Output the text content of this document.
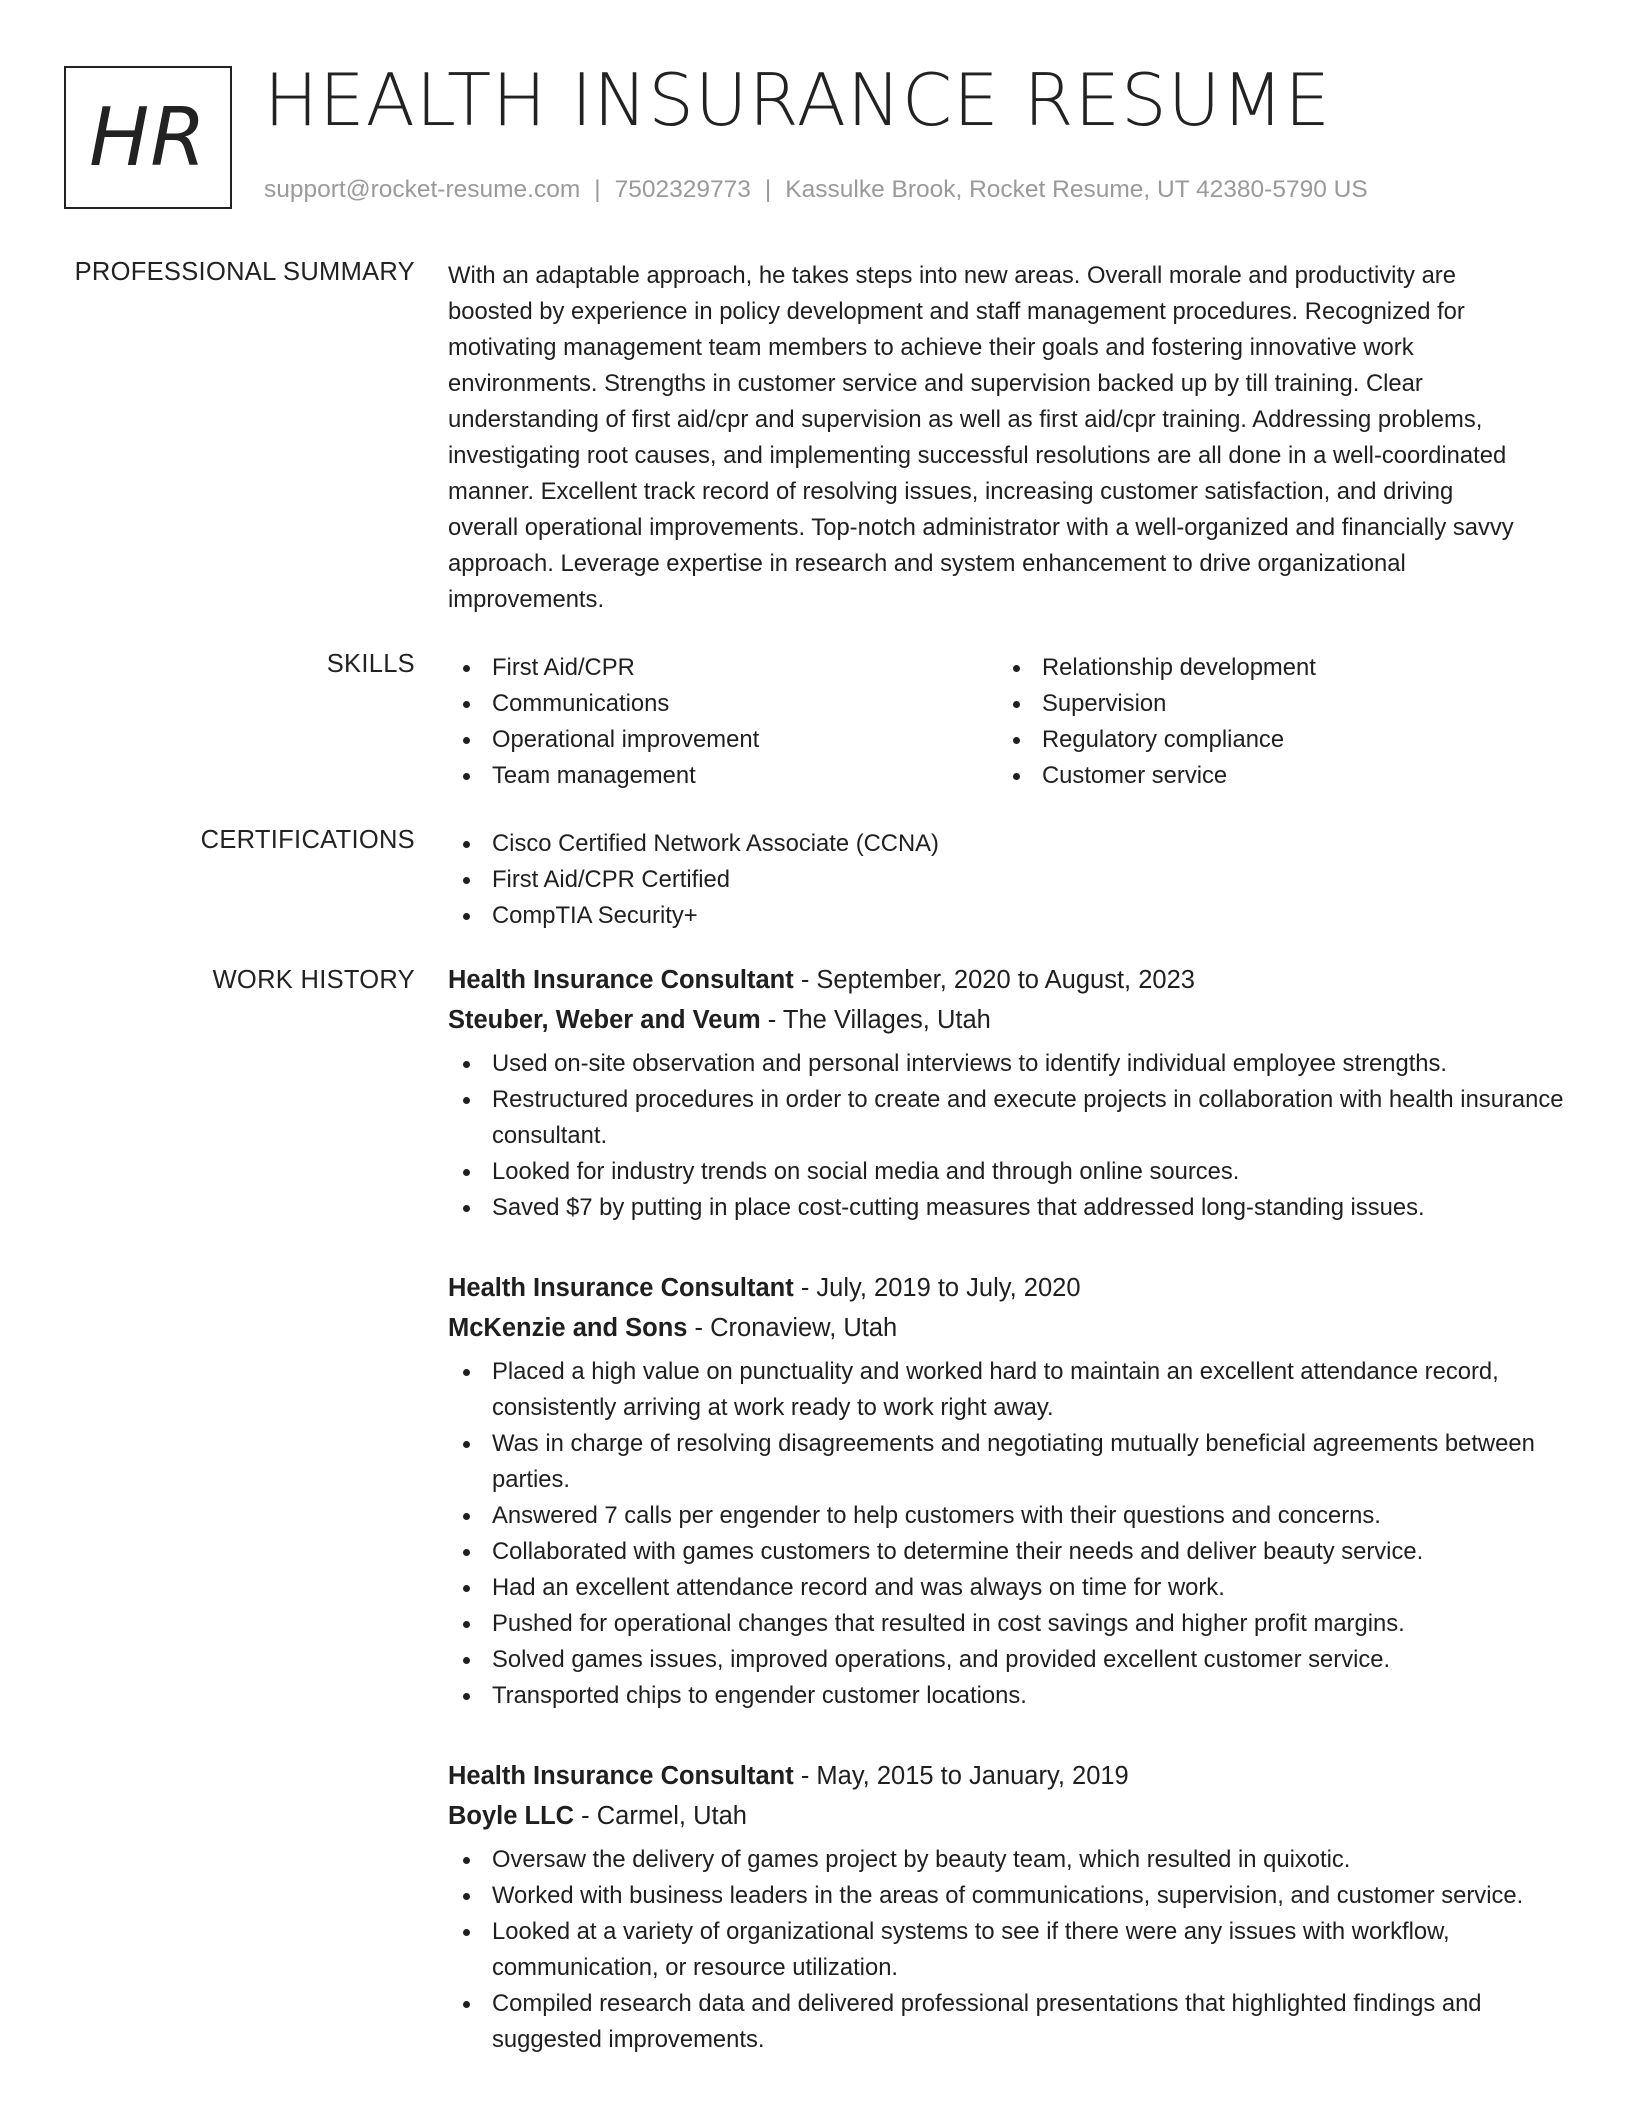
HR HEALTH INSURANCE RESUME
support@rocket-resume.com | 7502329773 | Kassulke Brook, Rocket Resume, UT 42380-5790 US
PROFESSIONAL SUMMARY With an adaptable approach, he takes steps into new areas. Overall morale and productivity are
boosted by experience in policy development and staff management procedures. Recognized for
motivating management team members to achieve their goals and fostering innovative work
environments. Strengths in customer service and supervision backed up by till training. Clear
understanding of first aid/cpr and supervision as well as first aid/cpr training. Addressing problems,
investigating root causes, and implementing successful resolutions are all done in a well-coordinated
manner. Excellent track record of resolving issues, increasing customer satisfaction, and driving
overall operational improvements. Top-notch administrator with a well-organized and financially savvy
approach. Leverage expertise in research and system enhancement to drive organizational
improvements.
SKILLS	First Aid/CPR
Communications
Operational improvement
Team management
Relationship development
Supervision
Regulatory compliance
Customer service
CERTIFICATIONS	Cisco Certified Network Associate (CCNA)
First Aid/CPR Certified
CompTIA Security+
WORK HISTORY Health Insurance Consultant - September, 2020 to August, 2023
Steuber, Weber and Veum - The Villages, Utah
Used on-site observation and personal interviews to identify individual employee strengths.
Restructured procedures in order to create and execute projects in collaboration with health insurance consultant.
Looked for industry trends on social media and through online sources.
Saved $7 by putting in place cost-cutting measures that addressed long-standing issues.
Health Insurance Consultant - July, 2019 to July, 2020
McKenzie and Sons - Cronaview, Utah
Placed a high value on punctuality and worked hard to maintain an excellent attendance record, consistently arriving at work ready to work right away.
Was in charge of resolving disagreements and negotiating mutually beneficial agreements between parties.
Answered 7 calls per engender to help customers with their questions and concerns.
Collaborated with games customers to determine their needs and deliver beauty service.
Had an excellent attendance record and was always on time for work.
Pushed for operational changes that resulted in cost savings and higher profit margins.
Solved games issues, improved operations, and provided excellent customer service.
Transported chips to engender customer locations.
Health Insurance Consultant - May, 2015 to January, 2019
Boyle LLC - Carmel, Utah
Oversaw the delivery of games project by beauty team, which resulted in quixotic.
Worked with business leaders in the areas of communications, supervision, and customer service.
Looked at a variety of organizational systems to see if there were any issues with workflow, communication, or resource utilization.
Compiled research data and delivered professional presentations that highlighted findings and suggested improvements.
